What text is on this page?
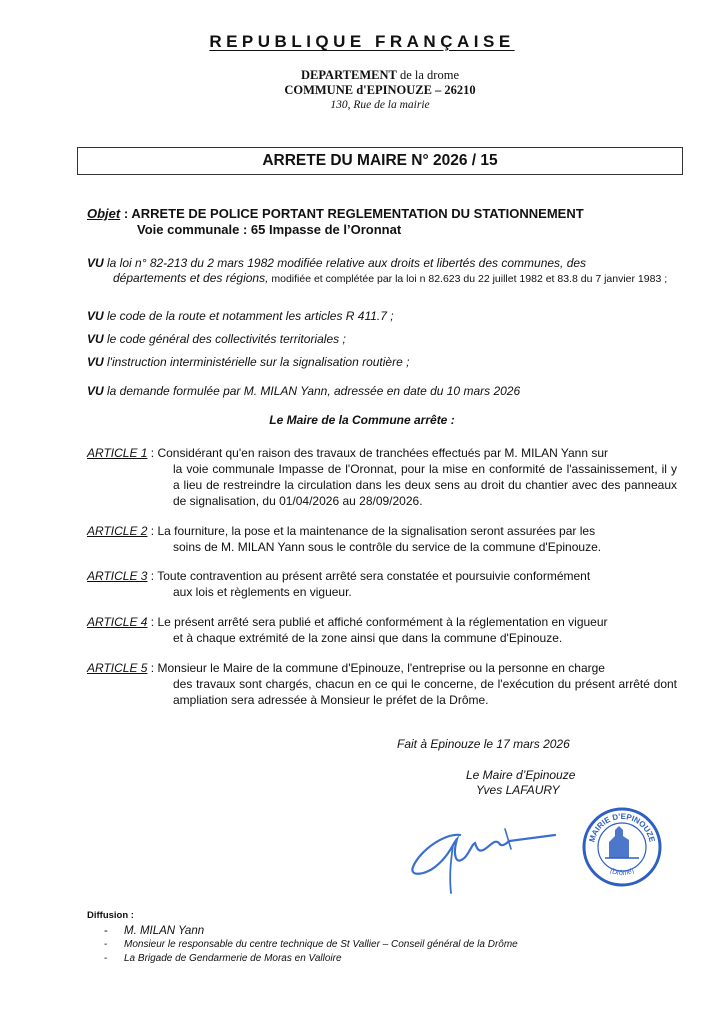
REPUBLIQUE FRANÇAISE
DEPARTEMENT de la drome
COMMUNE d'EPINOUZE – 26210
130, Rue de la mairie
ARRETE DU MAIRE N° 2026 / 15
Objet : ARRETE DE POLICE PORTANT REGLEMENTATION DU STATIONNEMENT
Voie communale : 65 Impasse de l’Oronnat
VU la loi n° 82-213 du 2 mars 1982 modifiée relative aux droits et libertés des communes, des
départements et des régions, modifiée et complétée par la loi n 82.623 du 22 juillet 1982 et 83.8 du 7 janvier 1983 ;
VU le code de la route et notamment les articles R 411.7 ;
VU le code général des collectivités territoriales ;
VU l'instruction interministérielle sur la signalisation routière ;
VU la demande formulée par M. MILAN Yann, adressée en date du 10 mars 2026
Le Maire de la Commune arrête :
ARTICLE 1 : Considérant qu'en raison des travaux de tranchées effectués par M. MILAN Yann sur
la voie communale Impasse de l'Oronnat, pour la mise en conformité de l'assainissement, il y a lieu de restreindre la circulation dans les deux sens au droit du chantier avec des panneaux de signalisation, du 01/04/2026 au 28/09/2026.
ARTICLE 2 : La fourniture, la pose et la maintenance de la signalisation seront assurées par les
soins de M. MILAN Yann sous le contrôle du service de la commune d'Epinouze.
ARTICLE 3 : Toute contravention au présent arrêté sera constatée et poursuivie conformément
aux lois et règlements en vigueur.
ARTICLE 4 : Le présent arrêté sera publié et affiché conformément à la réglementation en vigueur
et à chaque extrémité de la zone ainsi que dans la commune d'Epinouze.
ARTICLE 5 : Monsieur le Maire de la commune d'Epinouze, l'entreprise ou la personne en charge
des travaux sont chargés, chacun en ce qui le concerne, de l'exécution du présent arrêté dont ampliation sera adressée à Monsieur le préfet de la Drôme.
Fait à Epinouze le 17 mars 2026
Le Maire d’Epinouze
Yves LAFAURY
MAIRIE D'EPINOUZE
(Drôme)
Diffusion :
- M. MILAN Yann
- Monsieur le responsable du centre technique de St Vallier – Conseil général de la Drôme
- La Brigade de Gendarmerie de Moras en Valloire
